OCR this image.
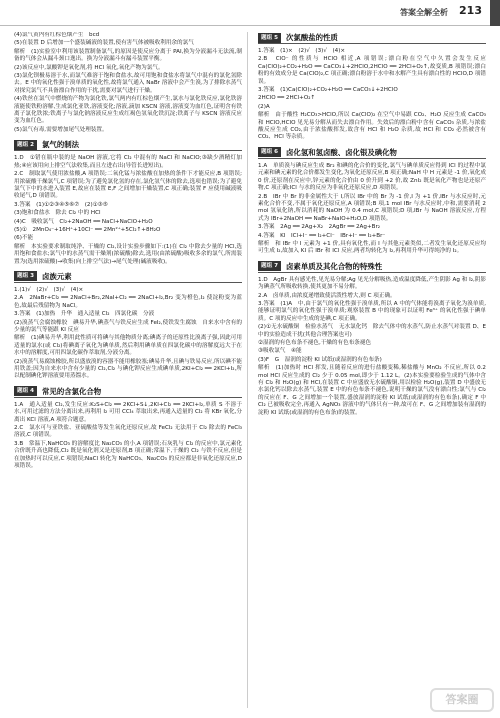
答案全解全析 213

(4)氯气黄内有红棕色烟产生　bcd

(5)在装置 D 后增加一个盛装碱液的装置,使有害气体被吸收利用余的氯气

解析　(1)实验室中利用该装置制备氯气,的原因是使反应分离于 PAI,换为分液漏斗无法流,制备的气体会从漏斗颈口逸出。换为分液漏斗有漏斗装置平衡。

(2)该反应中,氯酸钾是氧化剂,将 HCl 氧化,氧化产物为氯气。

(3)氯化钡极易溶于水,而氯气难溶于饱和食盐水,故可用饱和食盐水将氯气中混有的氯化氢除去。E 中的氧化性强于溴单质的氧化性,故将氯气通入 NaBr 溶液中会产生溴,为了排除水蒸气对探究氯气不具备漂白作用的干扰,需要对氯气进行干燥。

(4)铁丝在氯气中燃烧的产物为氯化铁,氯气两内有红棕色烟产生,氯水与氯化铁反应,氯化铁溶液能使铁粉溶解,生成氯化亚铁,溶液变化;溶液,滴加 KSCN 溶液,溶液变为血红色,证明含有铁离子氯化铁浓;铁离子与氯化钠溶液反应生成红褐色氢氧化铁沉淀;铁离子与 KSCN 溶液反应变为血红色。

(5)氯气有毒,需要增加尾气处理装置。

题组 2	氯气的制法

1.D　①错在瓶中装的是 NaOH 溶液,它将 Cl₂ 中混有的 NaCl 和 NaClO;③缺少酒精灯加热;④应该用向上排空气法收集,而且左进右出(导管长进短出)。

2.C　制取氯气使用浓盐酸,A 项错误;二氧化锰与浓盐酸在加热的条件下才能反应,B 项错误;用浓硫酸干燥氯气,C 项错误;为了避免氯化氢的存在,氯化氢气体的除去,选项也错误;为了避免氯气下中的水进入装置 E,故应在装置 E,F 之间增加干燥装置,C 项正确;装置 F 应使用碱液吸收尾气,D 项错误。

3.答案　(1)①②③④⑤⑥⑦　(2)①③⑤

(3)饱和食盐水　除去 Cl₂ 中的 HCl

(4)C　吸收氯气　Cl₂+2NaOH ══ NaCl+NaClO+H₂O

(5)①　2MnO₄⁻+16H⁺+10Cl⁻ ══ 2Mn²⁺+5Cl₂↑+8H₂O

(6)不能

解析　本实验要求制取纯净、干燥的 Cl₂,设计实验步骤如下:(1)在 Cl₂ 中除去少量的 HCl,选用饱和食盐水;氯气中的水蒸气需干燥剂(浓硫酸)除去,选用(由浓硫酸)吸收多余的氯气,所需装置为(选用浓硫酸)→收集(向上排空气法)→尾气处理(碱液吸收)。

题组 3	卤族元素

1.(1)√　(2)√　(3)√　(4)×

2.A　2NaBr+Cl₂ ══ 2NaCl+Br₂,2NaI+Cl₂ ══ 2NaCl+I₂,Br₂ 变为橙色,I₂ 使淀粉变为蓝色,故最后残留物为 NaCl。

3.答案　(1)加热　升华　通入适量 Cl₂　四氯化碳　分液

(2)溴蒸气会腐蚀橡胶　碘易升华,碘蒸气与铁反应生成 FeI₂,使铁发生腐蚀　自来水中含有的少量的氯气等能跟 KI 反应

解析　(1)碘易升华,利用此性质可将碘与其他物质分离;碘离子的还原性比溴离子强,因此可用适量的氯水(或 Cl₂)将碘离子氧化为碘单质,然后利用碘单质在四氯化碳中的溶解度远大于在水中的溶解度,可用四氯化碳作萃取剂,分液分离。

(2)溴蒸气易腐蚀橡胶,所以盛放溴的容器不能用橡胶塞;碘易升华,且碘与铁易反应,所以碘不能用铁盖;因为自来水中含有少量的 Cl₂,Cl₂ 与碘化钾反应生成碘单质,2KI+Cl₂ ══ 2KCl+I₂,所以配制碘化钾溶液要用蒸馏水。

题组 4	常见的含氯化合物

1.A　通入适量 Cl₂,发生反应:K₂S+Cl₂ ══ 2KCl+S↓,2KI+Cl₂ ══ 2KCl+I₂,单质 S 不溶于水,可用过滤的方法分离出来,再利用 I₂ 可用 CCl₄ 萃取出来,再通入适量的 Cl₂ 将 KBr 氧化,分离出 KCl 溶液,A 项符合题意。

2.C　氯水可与亚铁盐、亚硫酸盐等发生氧化还原反应,故 FeCl₂ 无法用于 Cl₂ 除去的 FeCl₃ 溶液,C 项错误。

3.B　常温下,NaHCO₃ 的溶解度比 Na₂CO₃ 的小,A 项错误;石灰乳与 Cl₂ 的反应中,氯元素化合价既升高也降低,Cl₂ 既是氧化剂又是还原剂,B 项正确;常温下,干燥的 Cl₂ 与铁不反应,但是在加热时可以反应,C 项错误;NaCl 转化为 NaHCO₃、Na₂CO₃ 的反应都是非氧化还原反应,D 项错误。

题组 5	次氯酸盐的性质

1.答案　(1)×　(2)√　(3)√　(4)×

2.B　ClO⁻ 的性质与 HClO 相近,A 项错误;漂白粉在空气中久置会发生反应 Ca(ClO)₂+CO₂+H₂O ══ CaCO₃↓+2HClO,2HClO ══ 2HCl+O₂↑,故变质,B 项错误;漂白粉的有效成分是 Ca(ClO)₂,C 项正确;漂白粉溶于水中和水解产生具有漂白性的 HClO,D 项错误。

3.答案　(1)Ca(ClO)₂+CO₂+H₂O ══ CaCO₃↓+2HClO

2HClO ══ 2HCl+O₂↑

(2)A

解析　由于酸性 H₂CO₃>HClO,所以 Ca(ClO)₂ 在空气中易跟 CO₂、H₂O 反应生成 CaCO₃ 和 HClO,HClO 见光易分解从而失去漂白作用。失效后的漂白粉中含有 CaCO₃ 杂质,与浓盐酸反应生成 CO₂,由于浓盐酸挥发,故含有 HCl 和 H₂O 杂质,故 HCl 和 CO₂ 必然被含有 CO₂、HCl 等杂质。

题组 6	卤化氢和氢卤酸、卤化银及碘化物

1.A　单质溴与碘反应生成 Br₂ 和碘的化合价的变化,氯气与碘单质反应得到 ICl 的过程中氯元素和碘元素的化合价都发生变化,为氧化还原反应,B 项正确;NaH 中 H 元素是 -1 价,氧化成 0 价,还原剂在反应中,锌元素的化合价由 0 价升到 +2 价,故 ZnI₂ 既是氧化产物也是还原产物,C 项正确;ICl 与水的反应为非氧化还原反应,D 项错误。

2.B　IBr 中 Br 的非金属性大于 I,所以 IBr 中的 Br 为 -1 价,I 为 +1 价,IBr 与水反应时,元素化合价不变,不属于氧化还原反应,A 项错误;B 项,1 mol IBr 与水反应时,中和,需要消耗 2 mol 氢氧化钠,所以消耗的 NaOH 为 0.4 mol,C 项错误;D 项,IBr 与 NaOH 溶液反应,方程式为 IBr+2NaOH ══ NaBr+NaIO+H₂O,D 项错误。

3.答案　2Ag ══ 2Ag+X₂　2AgBr ══ 2Ag+Br₂

4.答案　KI　ICl+I⁻ ══ I₂+Cl⁻　IBr+I⁻ ══ I₂+Br⁻

解析　和 IBr 中 I 元素为 +1 价,具有氧化性,而 I 与其他元素类似,二者发生氧化还原反应均可生成 I₂,故加入 KI 后 IBr 和 ICl 反应,两者均转化为 I₂,再利用升华可得纯净的 I₂。

题组 7	卤素单质及其化合物的特殊性

1.D　AgBr 具有感光性,见光易分解;Ag 见光分解吸热,造成温度降低,产生阴影 Ag 和 I₂,阴影为碘蒸气所吸收转换,使其更加不易分解。

2.A　卤单质,由浓度递增致使活泼性增大,则 C 项正确。

3.答案　(1)A　中,由于氯气的氧化性强于溴单质,所以 A 中的气体能将溴离子氧化为溴单质,能够证明氯气的氧化性强于溴单质;观察装置 B 中的现象可以证明 Fe³⁺ 的氧化性强于碘单质。C 项的反应中生成的是碘,C 项正确。

(2)①无水硫酸铜　检验水蒸气　无水氯化钙　除去气体中的水蒸气,防止水蒸气对装置 D、E 中的实验造成干扰(其他合理答案也可)

②湿润的有色布条不褪色,干燥的有色布条褪色

③吸收氯气　④能

(3)F　G　湿润的淀粉 KI 试纸(或湿润的有色布条)

解析　(1)加热时 HCl 挥发,且随着反应的进行盐酸变稀,稀盐酸与 MnO₂ 不反应,所以 0.2 mol HCl 反应生成的 Cl₂ 少于 0.05 mol,即少于 1.12 L。(2)本实验要检验生成的气体中含有 Cl₂ 和 H₂O(g) 和 HCl,在装置 C 中应盛放无水硫酸铜,用以检验 H₂O(g),装置 D 中盛放无水氯化钙以除去水蒸气,装置 E 中的有色布条不褪色,说明干燥的氯气没有漂白性;氯气与 Cl₂ 的反应在 F、G 之间增加一个装置,盛放湿润的淀粉 KI 试纸(或湿润的有色布条),确定 F 中 Cl₂ 已被吸收完全,再通入 AgNO₃ 溶液中的气体只有一种,故可在 F、G 之间增加装有湿润的淀粉 KI 试纸(或湿润的有色布条)的装置。

答案圈
